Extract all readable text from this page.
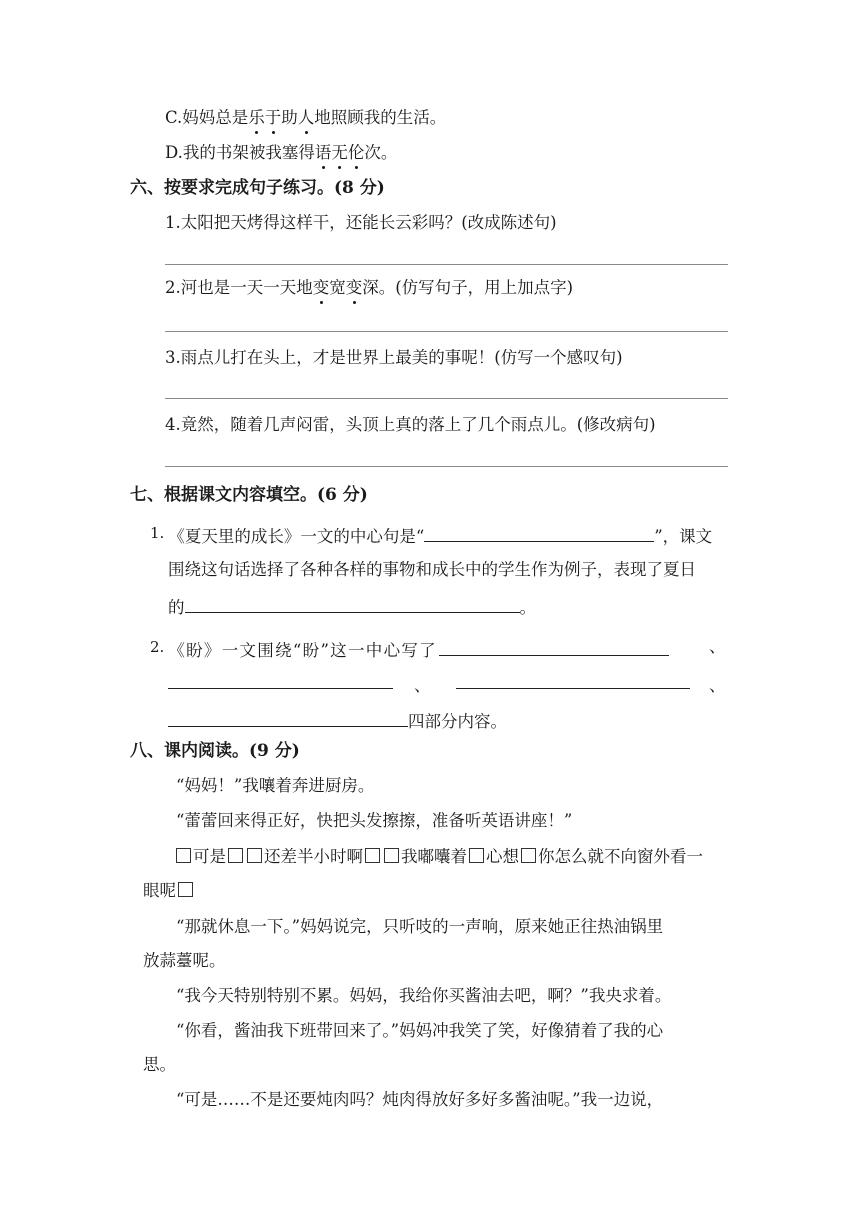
C.妈妈总是乐于助人地照顾我的生活。
D.我的书架被我塞得语无伦次。
六、按要求完成句子练习。(8 分)
1.太阳把天烤得这样干，还能长云彩吗？(改成陈述句)
2.河也是一天一天地变宽变深。(仿写句子，用上加点字)
3.雨点儿打在头上，才是世界上最美的事呢！(仿写一个感叹句)
4.竟然，随着几声闷雷，头顶上真的落上了几个雨点儿。(修改病句)
七、根据课文内容填空。(6 分)
1. 《夏天里的成长》一文的中心句是“	”，课文
围绕这句话选择了各种各样的事物和成长中的学生作为例子，表现了夏日
的	。
2. 《盼》一文围绕“盼”这一中心写了	、
、	、
四部分内容。
八、课内阅读。(9 分)
“妈妈！”我嚷着奔进厨房。
“蕾蕾回来得正好，快把头发擦擦，准备听英语讲座！”
可是 还差半小时啊 我嘟囔着 心想 你怎么就不向窗外看一
眼呢
“那就休息一下。”妈妈说完，只听吱的一声响，原来她正往热油锅里
放蒜薹呢。
“我今天特别特别不累。妈妈，我给你买酱油去吧，啊？”我央求着。
“你看，酱油我下班带回来了。”妈妈冲我笑了笑，好像猜着了我的心
思。
“可是……不是还要炖肉吗？炖肉得放好多好多酱油呢。”我一边说，
